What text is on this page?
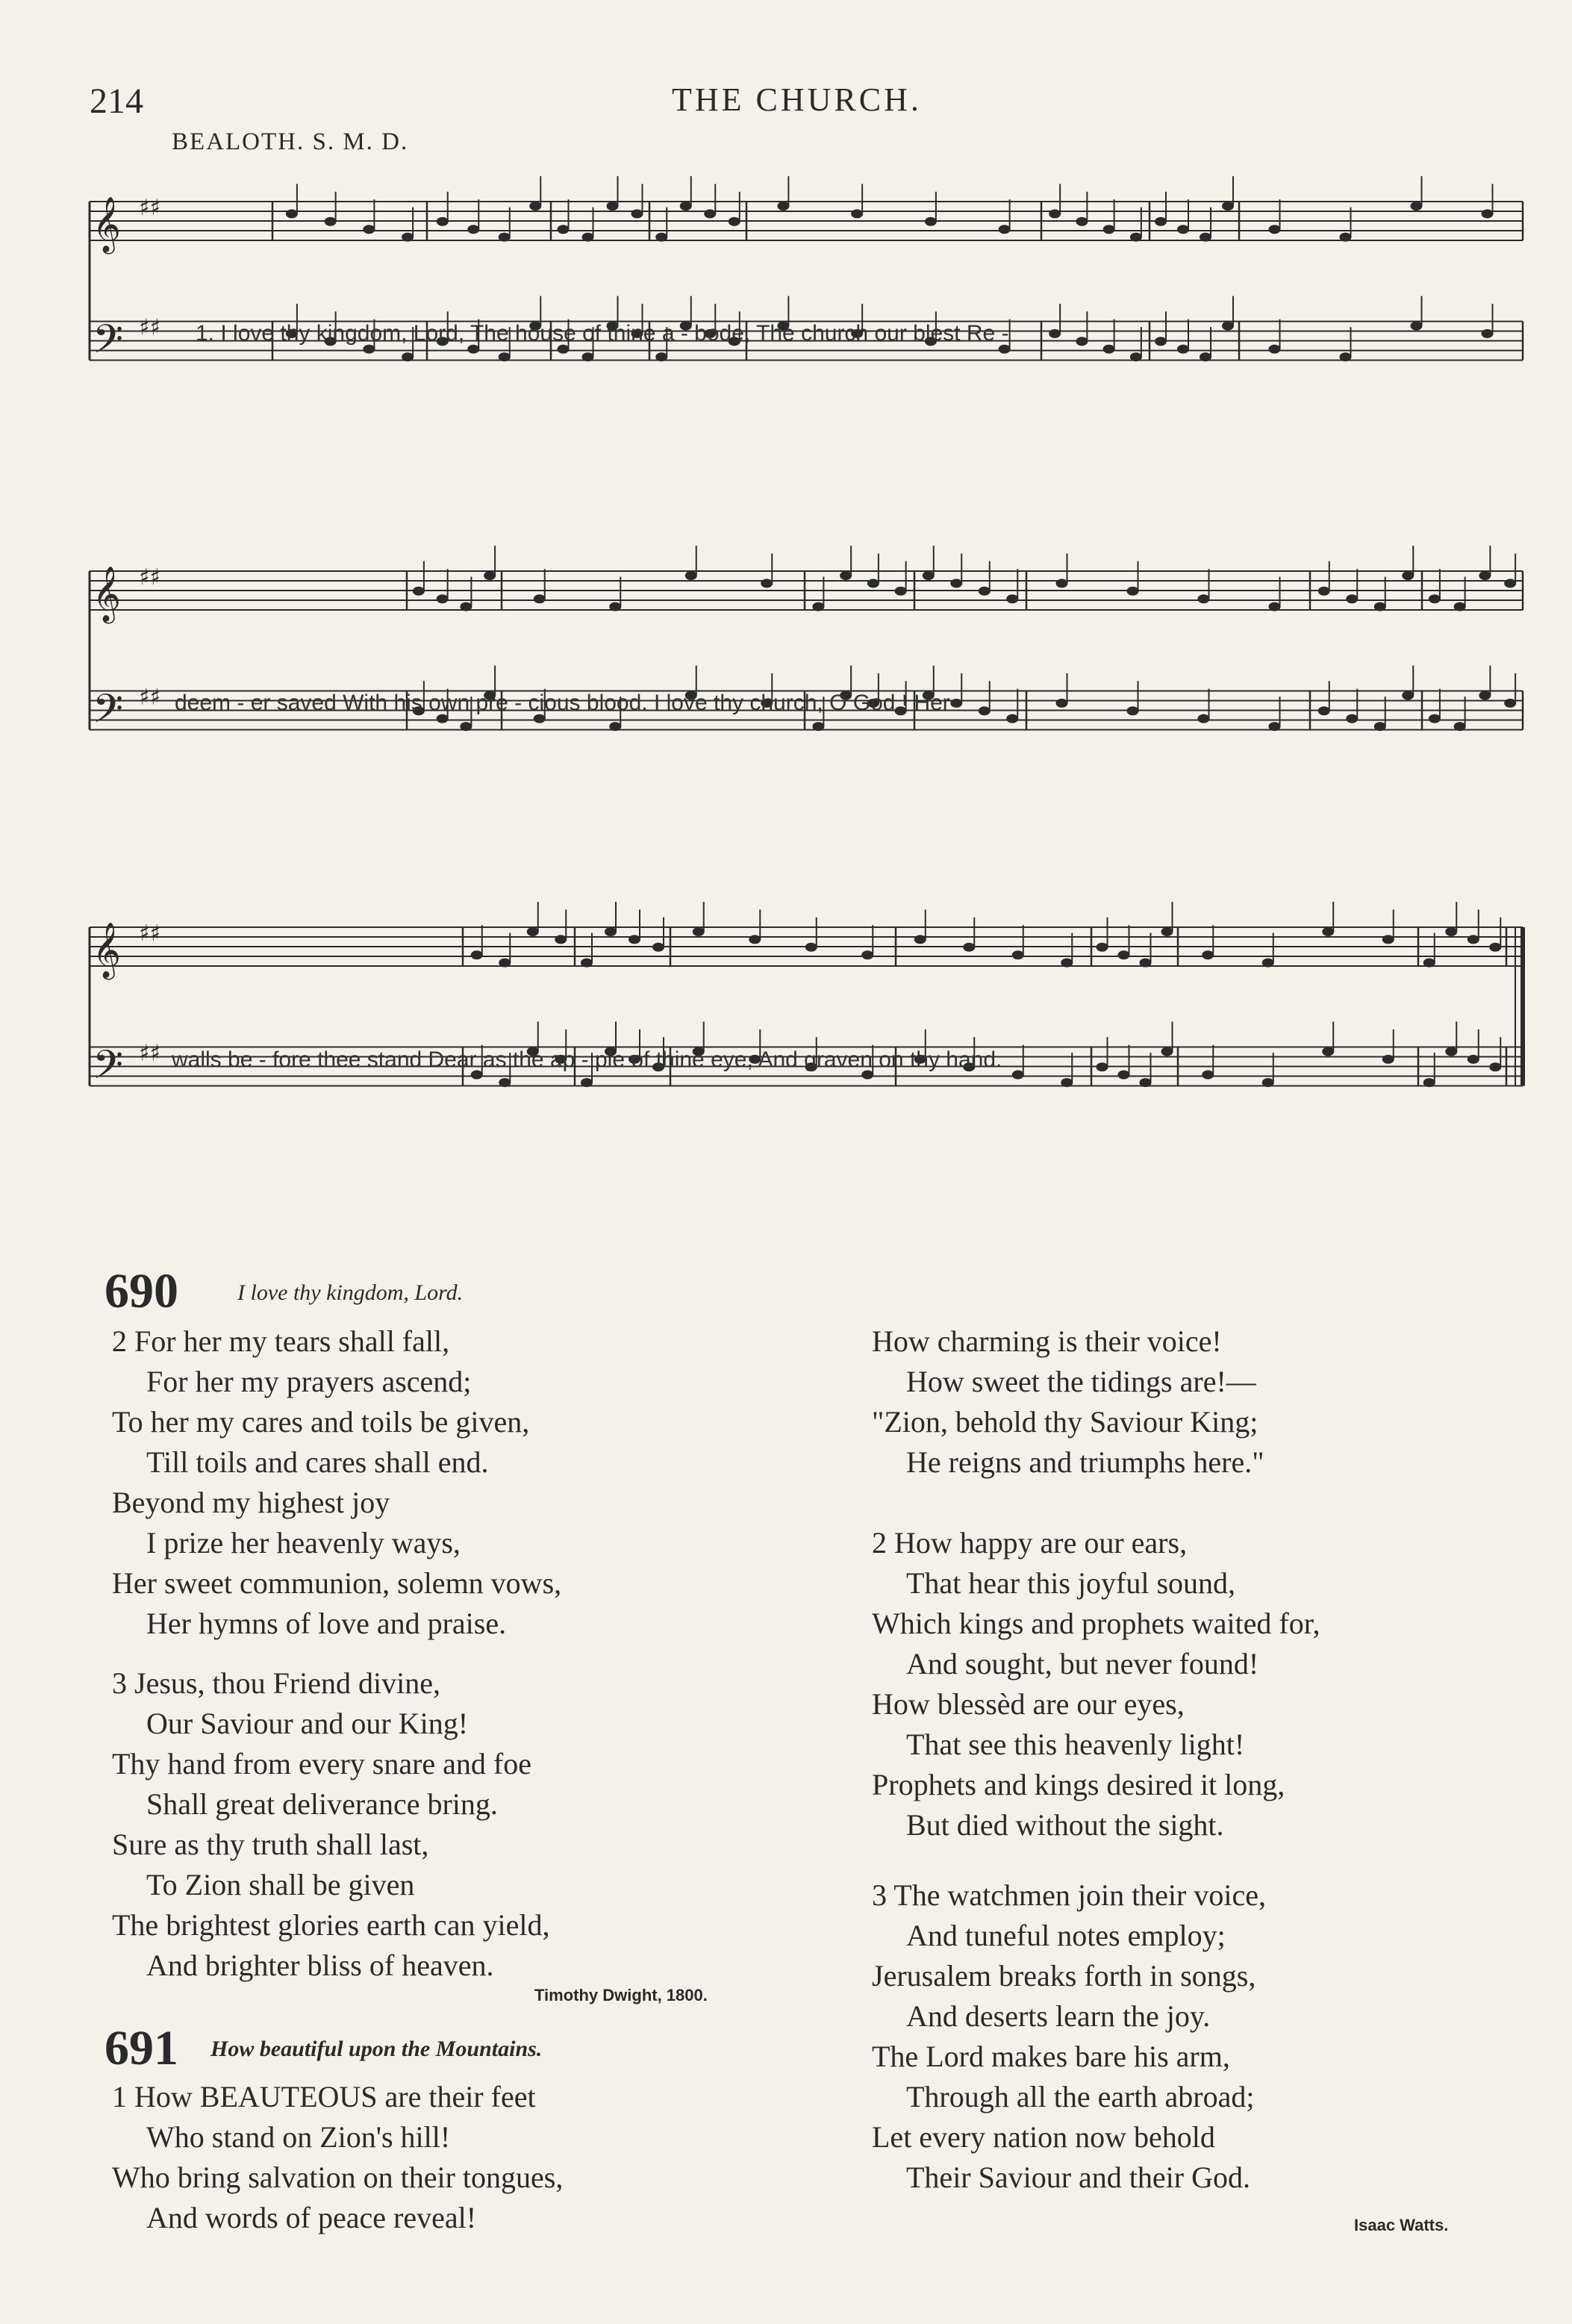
214	THE CHURCH.
BEALOTH. S. M. D.
𝄞 ♯♯
𝄢 ♯♯
𝄞 ♯♯
𝄢 ♯♯
𝄞 ♯♯
𝄢 ♯♯
1. I love thy kingdom, Lord, The house of thine a - bode, The church our blest Re -
deem - er saved With his own pre - cious blood. I love thy church, O God ! Her
walls be - fore thee stand Dear as the ap - ple of thine eye, And graven on thy hand.
690	I love thy kingdom, Lord.
2 For her my tears shall fall,
For her my prayers ascend;
To her my cares and toils be given,
Till toils and cares shall end.
Beyond my highest joy
I prize her heavenly ways,
Her sweet communion, solemn vows,
Her hymns of love and praise.
3 Jesus, thou Friend divine,
Our Saviour and our King!
Thy hand from every snare and foe
Shall great deliverance bring.
Sure as thy truth shall last,
To Zion shall be given
The brightest glories earth can yield,
And brighter bliss of heaven.
Timothy Dwight, 1800.
691 How beautiful upon the Mountains.
1 How BEAUTEOUS are their feet
Who stand on Zion's hill!
Who bring salvation on their tongues,
And words of peace reveal!
How charming is their voice!
How sweet the tidings are!—
"Zion, behold thy Saviour King;
He reigns and triumphs here."
2 How happy are our ears,
That hear this joyful sound,
Which kings and prophets waited for,
And sought, but never found!
How blessèd are our eyes,
That see this heavenly light!
Prophets and kings desired it long,
But died without the sight.
3 The watchmen join their voice,
And tuneful notes employ;
Jerusalem breaks forth in songs,
And deserts learn the joy.
The Lord makes bare his arm,
Through all the earth abroad;
Let every nation now behold
Their Saviour and their God.
Isaac Watts.
